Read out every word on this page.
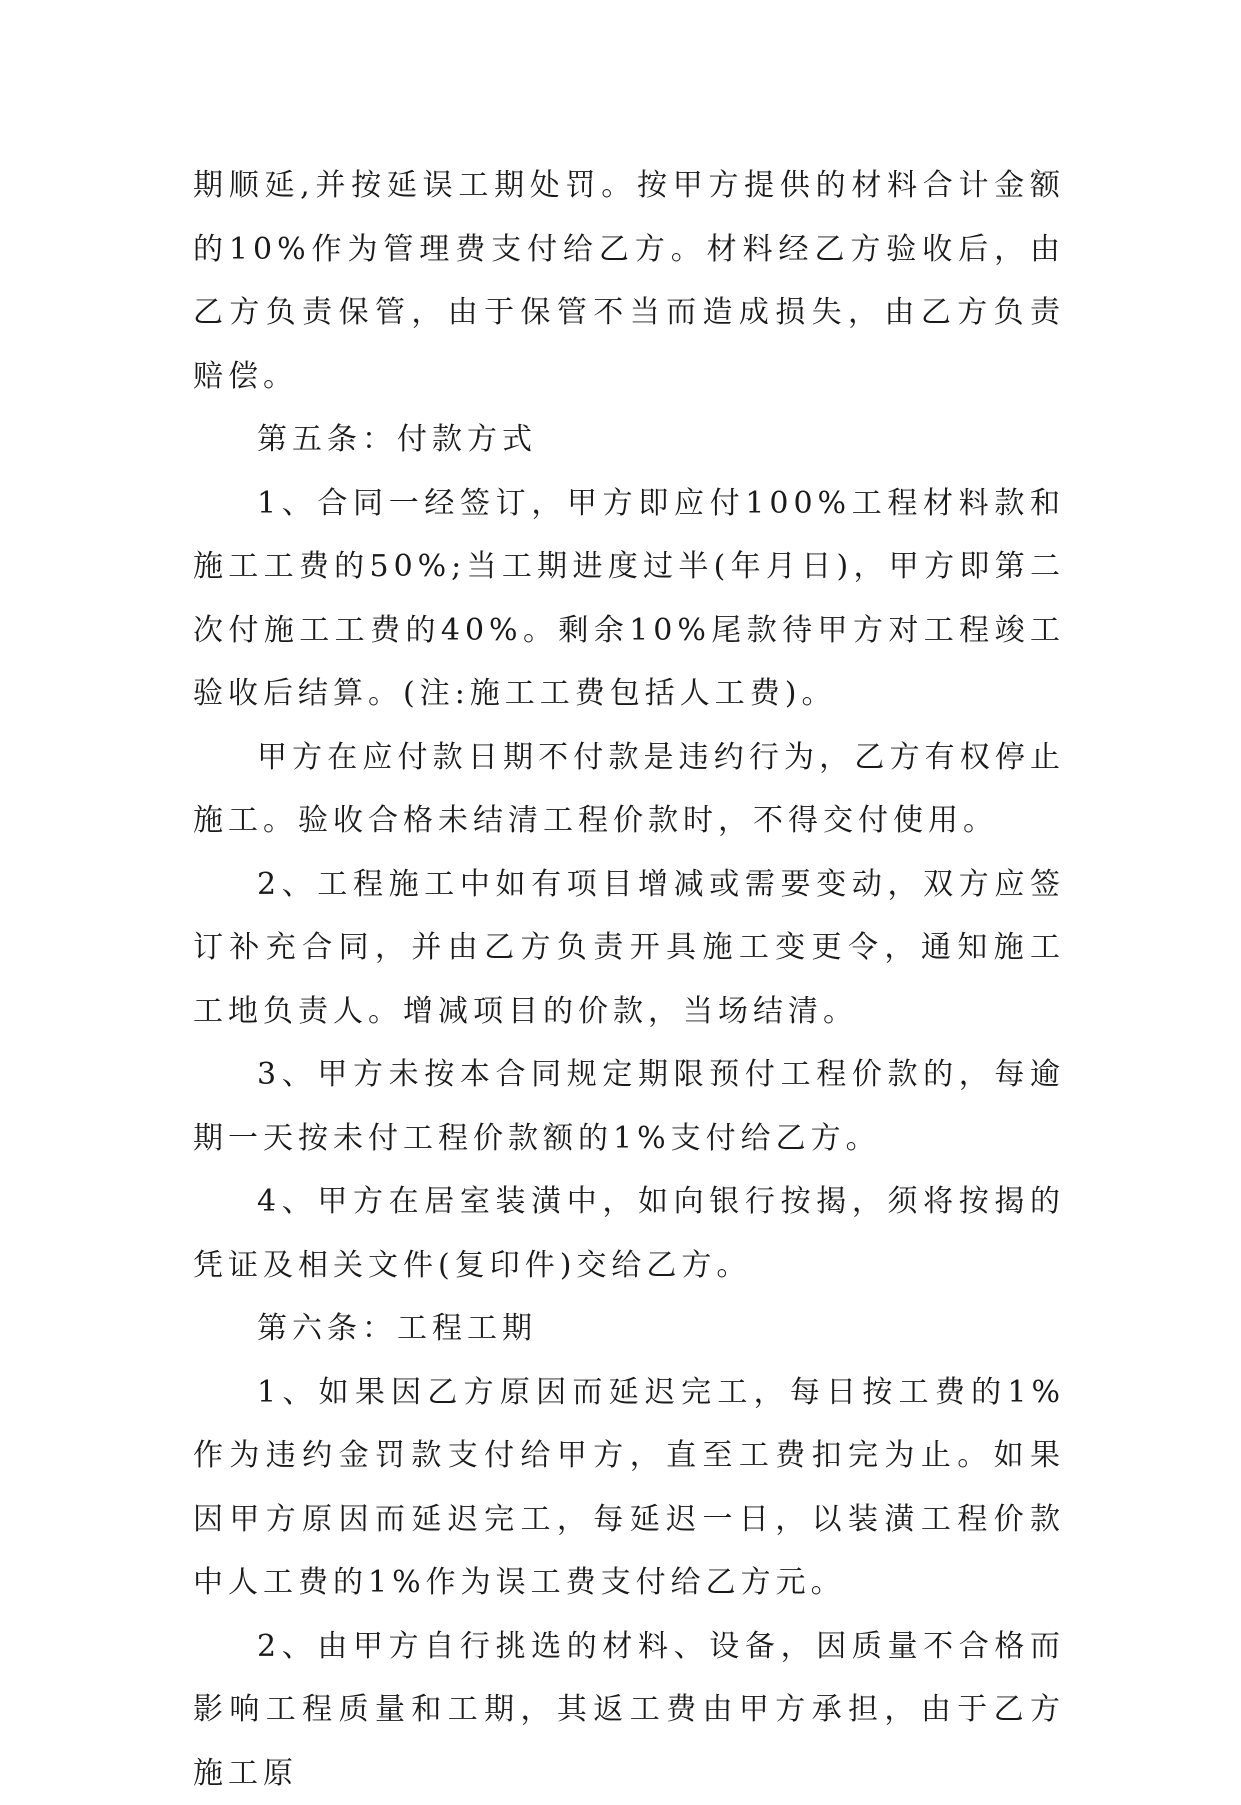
期顺延,并按延误工期处罚。按甲方提供的材料合计金额的10%作为管理费支付给乙方。材料经乙方验收后，由乙方负责保管，由于保管不当而造成损失，由乙方负责赔偿。

第五条：付款方式

1、合同一经签订，甲方即应付100%工程材料款和施工工费的50%;当工期进度过半(年月日)，甲方即第二次付施工工费的40%。剩余10%尾款待甲方对工程竣工验收后结算。(注:施工工费包括人工费)。

甲方在应付款日期不付款是违约行为，乙方有权停止施工。验收合格未结清工程价款时，不得交付使用。

2、工程施工中如有项目增减或需要变动，双方应签订补充合同，并由乙方负责开具施工变更令，通知施工工地负责人。增减项目的价款，当场结清。

3、甲方未按本合同规定期限预付工程价款的，每逾期一天按未付工程价款额的1%支付给乙方。

4、甲方在居室装潢中，如向银行按揭，须将按揭的凭证及相关文件(复印件)交给乙方。

第六条：工程工期

1、如果因乙方原因而延迟完工，每日按工费的1%作为违约金罚款支付给甲方，直至工费扣完为止。如果因甲方原因而延迟完工，每延迟一日，以装潢工程价款中人工费的1%作为误工费支付给乙方元。

2、由甲方自行挑选的材料、设备，因质量不合格而影响工程质量和工期，其返工费由甲方承担，由于乙方施工原
